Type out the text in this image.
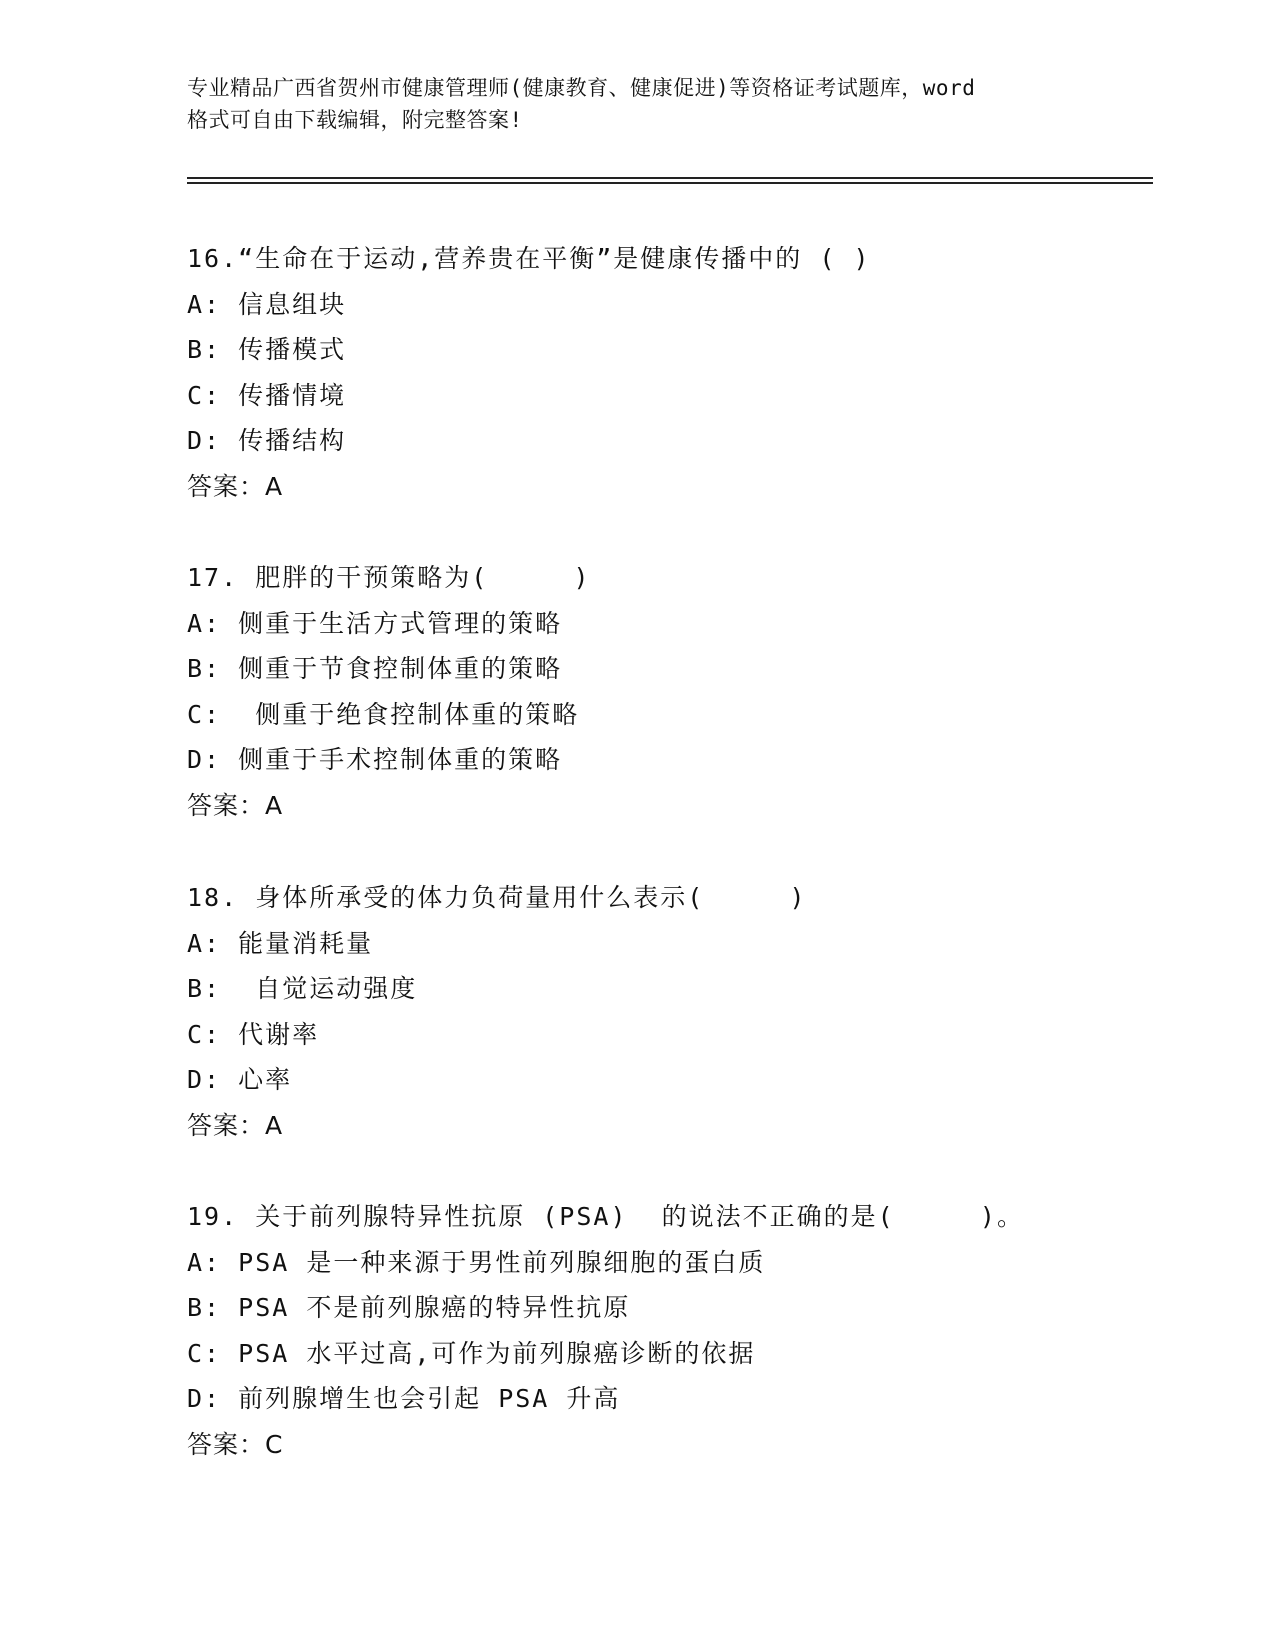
专业精品广西省贺州市健康管理师(健康教育、健康促进)等资格证考试题库，word
格式可自由下载编辑，附完整答案!
16.“生命在于运动,营养贵在平衡”是健康传播中的 ( )
A: 信息组块
B: 传播模式
C: 传播情境
D: 传播结构
答案：A
17. 肥胖的干预策略为(     )
A: 侧重于生活方式管理的策略
B: 侧重于节食控制体重的策略
C:  侧重于绝食控制体重的策略
D: 侧重于手术控制体重的策略
答案：A
18. 身体所承受的体力负荷量用什么表示(     )
A: 能量消耗量
B:  自觉运动强度
C: 代谢率
D: 心率
答案：A
19. 关于前列腺特异性抗原 (PSA)  的说法不正确的是(     )。
A: PSA 是一种来源于男性前列腺细胞的蛋白质
B: PSA 不是前列腺癌的特异性抗原
C: PSA 水平过高,可作为前列腺癌诊断的依据
D: 前列腺增生也会引起 PSA 升高
答案：C
